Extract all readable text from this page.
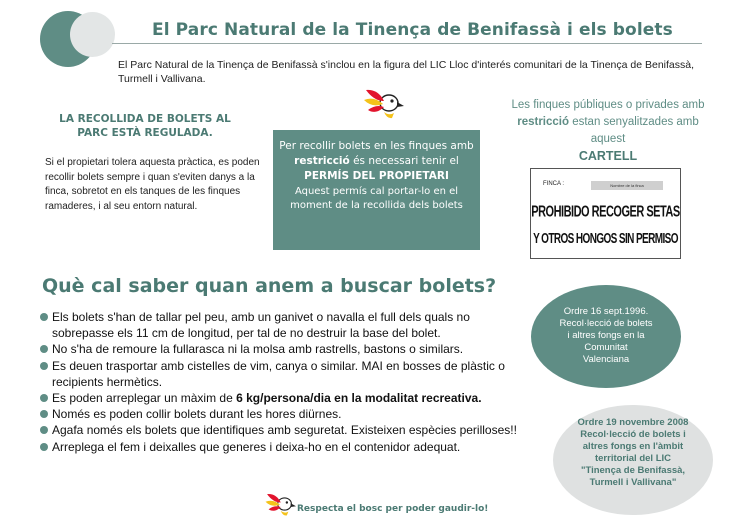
El Parc Natural de la Tinença de Benifassà i els bolets

El Parc Natural de la Tinença de Benifassà s'inclou en la figura del LIC Lloc d'interés comunitari de la Tinença de Benifassà, Turmell i Vallivana.

LA RECOLLIDA DE BOLETS AL
PARC ESTÀ REGULADA.

Si el propietari tolera aquesta pràctica, es poden recollir bolets sempre i quan s'eviten danys a la finca, sobretot en els tanques de les finques ramaderes, i al seu entorn natural.

Per recollir bolets en les finques amb restricció és necessari tenir el PERMÍS DEL PROPIETARI
Aquest permís cal portar-lo en el moment de la recollida dels bolets
Les finques públiques o privades amb restricció estan senyalitzades amb aquest
CARTELL
FINCA :	Nombre de la finca
PROHIBIDO RECOGER SETAS
Y OTROS HONGOS SIN PERMISO
Què cal saber quan anem a buscar bolets?
Els bolets s'han de tallar pel peu, amb un ganivet o navalla el full dels quals no sobrepasse els 11 cm de longitud, per tal de no destruir la base del bolet.
No s'ha de remoure la fullarasca ni la molsa amb rastrells, bastons o similars.
Es deuen trasportar amb cistelles de vim, canya o similar. MAI en bosses de plàstic o recipients hermètics.
Es poden arreplegar un màxim de 6 kg/persona/dia en la modalitat recreativa.
Només es poden collir bolets durant les hores diürnes.
Agafa només els bolets que identifiques amb seguretat. Existeixen espècies perilloses!!
Arreplega el fem i deixalles que generes i deixa-ho en el contenidor adequat.
Respecta el bosc per poder gaudir-lo!
Ordre 16 sept.1996.
Recol·lecció de bolets
i altres fongs en la
Comunitat
Valenciana
Ordre 19 novembre 2008
Recol·lecció de bolets i
altres fongs en l'àmbit
territorial del LIC
"Tinença de Benifassà,
Turmell i Vallivana"
